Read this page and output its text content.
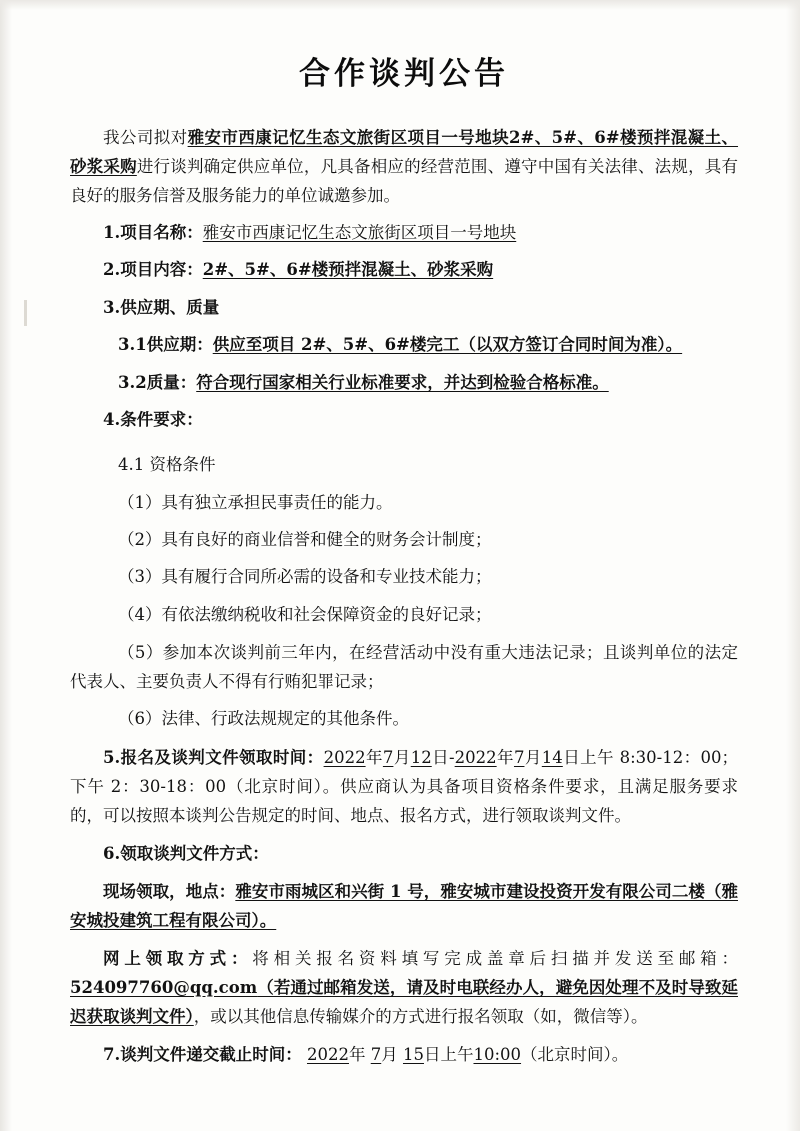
合作谈判公告

我公司拟对雅安市西康记忆生态文旅街区项目一号地块2#、5#、6#楼预拌混凝土、砂浆采购进行谈判确定供应单位，凡具备相应的经营范围、遵守中国有关法律、法规，具有良好的服务信誉及服务能力的单位诚邀参加。

1.项目名称：雅安市西康记忆生态文旅街区项目一号地块
2.项目内容：2#、5#、6#楼预拌混凝土、砂浆采购
3.供应期、质量
3.1供应期：供应至项目 2#、5#、6#楼完工（以双方签订合同时间为准）。
3.2质量：符合现行国家相关行业标准要求，并达到检验合格标准。
4.条件要求：
4.1 资格条件
（1）具有独立承担民事责任的能力。
（2）具有良好的商业信誉和健全的财务会计制度；
（3）具有履行合同所必需的设备和专业技术能力；
（4）有依法缴纳税收和社会保障资金的良好记录；
（5）参加本次谈判前三年内，在经营活动中没有重大违法记录；且谈判单位的法定代表人、主要负责人不得有行贿犯罪记录；
（6）法律、行政法规规定的其他条件。

5.报名及谈判文件领取时间：2022年7月12日-2022年7月14日上午 8:30-12：00；下午 2：30-18：00（北京时间）。供应商认为具备项目资格条件要求，且满足服务要求的，可以按照本谈判公告规定的时间、地点、报名方式，进行领取谈判文件。

6.领取谈判文件方式：

现场领取，地点：雅安市雨城区和兴街 1 号，雅安城市建设投资开发有限公司二楼（雅安城投建筑工程有限公司）。

网上领取方式：将相关报名资料填写完成盖章后扫描并发送至邮箱：524097760@qq.com（若通过邮箱发送，请及时电联经办人，避免因处理不及时导致延迟获取谈判文件），或以其他信息传输媒介的方式进行报名领取（如，微信等）。

7.谈判文件递交截止时间： 2022年 7月 15日上午10:00（北京时间）。
